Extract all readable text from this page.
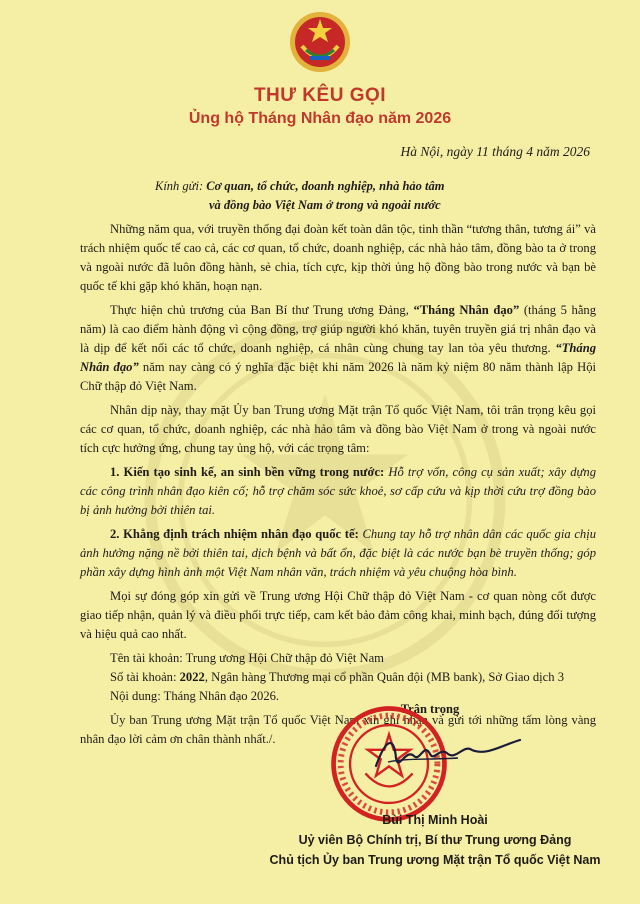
THƯ KÊU GỌI
Ủng hộ Tháng Nhân đạo năm 2026
Hà Nội, ngày 11 tháng 4 năm 2026
Kính gửi: Cơ quan, tổ chức, doanh nghiệp, nhà hảo tâm
và đồng bào Việt Nam ở trong và ngoài nước

Những năm qua, với truyền thống đại đoàn kết toàn dân tộc, tinh thần “tương thân, tương ái” và trách nhiệm quốc tế cao cả, các cơ quan, tổ chức, doanh nghiệp, các nhà hảo tâm, đồng bào ta ở trong và ngoài nước đã luôn đồng hành, sẻ chia, tích cực, kịp thời ủng hộ đồng bào trong nước và bạn bè quốc tế khi gặp khó khăn, hoạn nạn.

Thực hiện chủ trương của Ban Bí thư Trung ương Đảng, “Tháng Nhân đạo” (tháng 5 hằng năm) là cao điểm hành động vì cộng đồng, trợ giúp người khó khăn, tuyên truyền giá trị nhân đạo và là dịp để kết nối các tổ chức, doanh nghiệp, cá nhân cùng chung tay lan tỏa yêu thương. “Tháng Nhân đạo” năm nay càng có ý nghĩa đặc biệt khi năm 2026 là năm kỷ niệm 80 năm thành lập Hội Chữ thập đỏ Việt Nam.

Nhân dịp này, thay mặt Ủy ban Trung ương Mặt trận Tổ quốc Việt Nam, tôi trân trọng kêu gọi các cơ quan, tổ chức, doanh nghiệp, các nhà hảo tâm và đồng bào Việt Nam ở trong và ngoài nước tích cực hưởng ứng, chung tay ủng hộ, với các trọng tâm:

1. Kiến tạo sinh kế, an sinh bền vững trong nước: Hỗ trợ vốn, công cụ sản xuất; xây dựng các công trình nhân đạo kiên cố; hỗ trợ chăm sóc sức khoẻ, sơ cấp cứu và kịp thời cứu trợ đồng bào bị ảnh hưởng bởi thiên tai.

2. Khẳng định trách nhiệm nhân đạo quốc tế: Chung tay hỗ trợ nhân dân các quốc gia chịu ảnh hưởng nặng nề bởi thiên tai, dịch bệnh và bất ổn, đặc biệt là các nước bạn bè truyền thống; góp phần xây dựng hình ảnh một Việt Nam nhân văn, trách nhiệm và yêu chuộng hòa bình.

Mọi sự đóng góp xin gửi về Trung ương Hội Chữ thập đỏ Việt Nam - cơ quan nòng cốt được giao tiếp nhận, quản lý và điều phối trực tiếp, cam kết bảo đảm công khai, minh bạch, đúng đối tượng và hiệu quả cao nhất.

Tên tài khoản: Trung ương Hội Chữ thập đỏ Việt Nam

Số tài khoản: 2022, Ngân hàng Thương mại cổ phần Quân đội (MB bank), Sở Giao dịch 3

Nội dung: Tháng Nhân đạo 2026.

Ủy ban Trung ương Mặt trận Tổ quốc Việt Nam xin ghi nhận và gửi tới những tấm lòng vàng nhân đạo lời cảm ơn chân thành nhất./.

Trân trọng
Bùi Thị Minh Hoài
Uỷ viên Bộ Chính trị, Bí thư Trung ương Đảng
Chủ tịch Ủy ban Trung ương Mặt trận Tổ quốc Việt Nam
